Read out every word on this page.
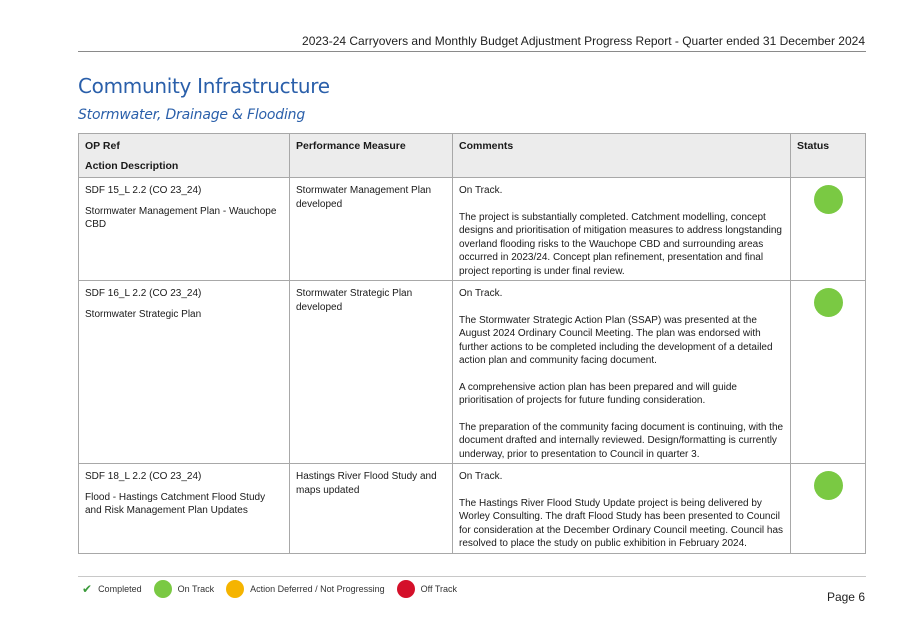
2023-24 Carryovers and Monthly Budget Adjustment Progress Report - Quarter ended 31 December 2024
Community Infrastructure
Stormwater, Drainage & Flooding
OP Ref
Action Description	Performance Measure	Comments	Status

SDF 15_L 2.2 (CO 23_24)
Stormwater Management Plan - Wauchope CBD	Stormwater Management Plan developed	On Track.
The project is substantially completed. Catchment modelling, concept designs and prioritisation of mitigation measures to address longstanding overland flooding risks to the Wauchope CBD and surrounding areas occurred in 2023/24. Concept plan refinement, presentation and final project reporting is under final review.	

SDF 16_L 2.2 (CO 23_24)
Stormwater Strategic Plan	Stormwater Strategic Plan developed	On Track.
The Stormwater Strategic Action Plan (SSAP) was presented at the August 2024 Ordinary Council Meeting. The plan was endorsed with further actions to be completed including the development of a detailed action plan and community facing document.
A comprehensive action plan has been prepared and will guide prioritisation of projects for future funding consideration.
The preparation of the community facing document is continuing, with the document drafted and internally reviewed. Design/formatting is currently underway, prior to presentation to Council in quarter 3.	

SDF 18_L 2.2 (CO 23_24)
Flood - Hastings Catchment Flood Study and Risk Management Plan Updates	Hastings River Flood Study and maps updated	On Track.
The Hastings River Flood Study Update project is being delivered by Worley Consulting. The draft Flood Study has been presented to Council for consideration at the December Ordinary Council meeting. Council has resolved to place the study on public exhibition in February 2024.	

✔ Completed	On Track	Action Deferred / Not Progressing	Off Track
Page 6
